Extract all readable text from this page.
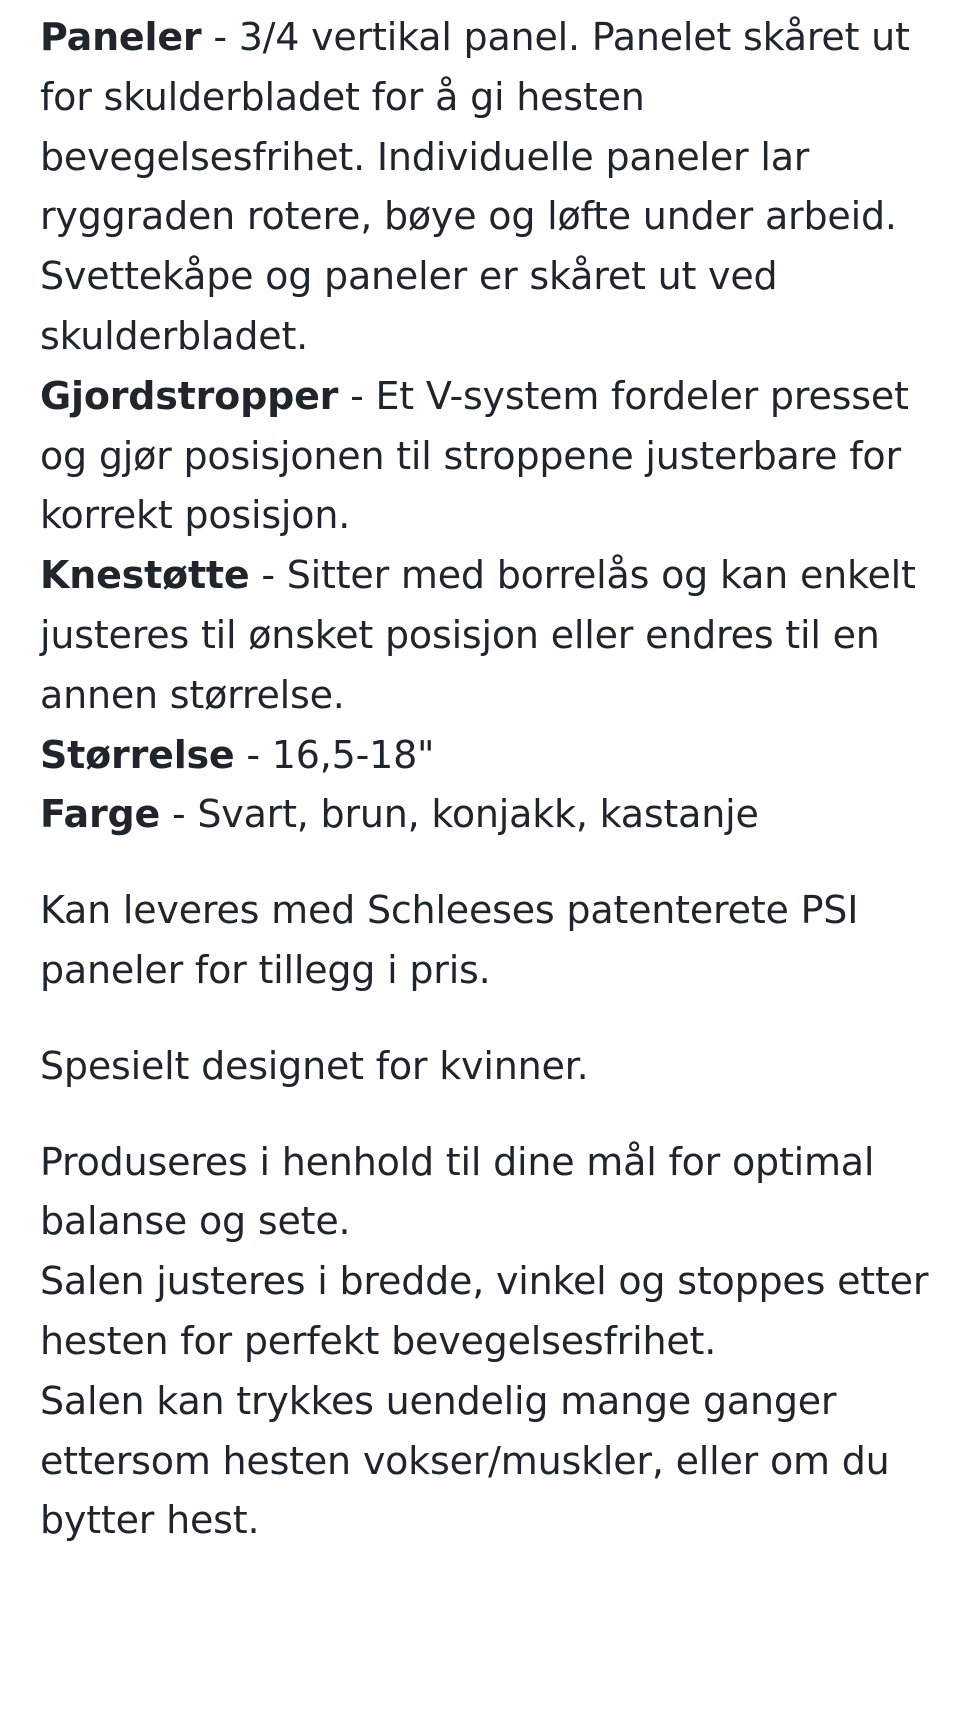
Paneler - 3/4 vertikal panel. Panelet skåret ut for skulderbladet for å gi hesten bevegelsesfrihet. Individuelle paneler lar ryggraden rotere, bøye og løfte under arbeid. Svettekåpe og paneler er skåret ut ved skulderbladet.

Gjordstropper - Et V-system fordeler presset og gjør posisjonen til stroppene justerbare for korrekt posisjon.

Knestøtte - Sitter med borrelås og kan enkelt justeres til ønsket posisjon eller endres til en annen størrelse.

Størrelse - 16,5-18"

Farge - Svart, brun, konjakk, kastanje

Kan leveres med Schleeses patenterete PSI paneler for tillegg i pris.

Spesielt designet for kvinner.

Produseres i henhold til dine mål for optimal balanse og sete.

Salen justeres i bredde, vinkel og stoppes etter hesten for perfekt bevegelsesfrihet.

Salen kan trykkes uendelig mange ganger ettersom hesten vokser/muskler, eller om du bytter hest.
